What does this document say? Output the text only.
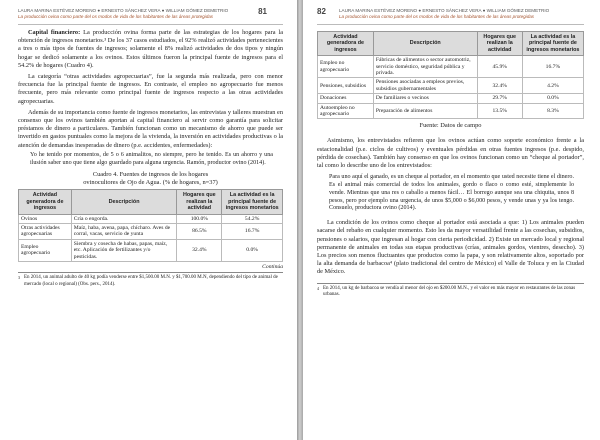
LAURA MARINA ESTÉVEZ MORENO ● ERNESTO SÁNCHEZ VERA ● WILLIAM GÓMEZ DEMETRIO
La producción ovina como parte del os modos de vida de los habitantes de las áreas protegidas
81

Capital financiero: La producción ovina forma parte de las estrategias de los hogares para la obtención de ingresos monetarios.³ De los 37 casos estudiados, el 92% realizó actividades pertenecientes a tres o más tipos de fuentes de ingresos; solamente el 8% realizó actividades de dos tipos y ningún hogar se dedicó solamente a los ovinos. Estos últimos fueron la principal fuente de ingresos para el 54.2% de hogares (Cuadro 4).

La categoría “otras actividades agropecuarias”, fue la segunda más realizada, pero con menor frecuencia fue la principal fuente de ingresos. En contraste, el empleo no agropecuario fue menos frecuente, pero más relevante como principal fuente de ingresos respecto a las otras actividades agropecuarias.

Además de su importancia como fuente de ingresos monetarios, las entrevistas y talleres muestran en consenso que los ovinos también aportan al capital financiero al servir como garantía para solicitar préstamos de dinero a particulares. También funcionan como un mecanismo de ahorro que puede ser invertido en gastos puntuales como la mejora de la vivienda, la inversión en actividades productivas o la atención de demandas inesperadas de dinero (p.e. accidentes, enfermedades):

Yo he tenido por momentos, de 5 o 6 animalitos, no siempre, pero he tenido. Es un ahorro y una ilusión saber uno que tiene algo guardado para alguna urgencia. Ramón, productor ovino (2014).

Cuadro 4. Fuentes de ingresos de los hogares
ovinocultores de Ojo de Agua. (% de hogares, n=37)

Actividad generadora de ingresos	Descripción	Hogares que realizan la actividad	La actividad es la principal fuente de ingresos monetarios
Ovinos	Cría o engorda.	100.0%	54.2%
Otras actividades agropecuarias	Maíz, haba, avena, papa, chícharo. Aves de corral, vacas, servicio de yunta	86.5%	16.7%
Empleo agropecuario	Siembra y cosecha de habas, papas, maíz, etc. Aplicación de fertilizantes y/o pesticidas.	32.4%	0.0%
Continúa
3 En 2014, un animal adulto de 40 kg podía venderse entre $1,500.00 M.N. y $1,700.00 M.N, dependiendo del tipo de animal de mercado (local o regional) (Obs. pers., 2014).
82	LAURA MARINA ESTÉVEZ MORENO ● ERNESTO SÁNCHEZ VERA ● WILLIAM GÓMEZ DEMETRIO
La producción ovina como parte del os modos de vida de los habitantes de las áreas protegidas
Actividad generadora de ingresos	Descripción	Hogares que realizan la actividad	La actividad es la principal fuente de ingresos monetarios
Empleo no agropecuario	Fábricas de alimentos o sector automotriz, servicio doméstico, seguridad pública y privada.	45.9%	16.7%
Pensiones, subsidios	Pensiones asociadas a empleos previos, subsidios gubernamentales	32.4%	4.2%
Donaciones	De familiares o vecinos	29.7%	0.0%
Autoempleo no agropecuario	Preparación de alimentos	13.5%	8.3%
Fuente: Datos de campo

Asimismo, los entrevistados refieren que los ovinos actúan como soporte económico frente a la estacionalidad (p.e. ciclos de cultivos) y eventuales pérdidas en otras fuentes ingresos (p.e. despido, pérdida de cosechas). También hay consenso en que los ovinos funcionan como un “cheque al portador”, tal como lo describe uno de los entrevistados:

Para uno aquí el ganado, es un cheque al portador, en el momento que usted necesite tiene el dinero. Es el animal más comercial de todos los animales, gordo o flaco o como esté, simplemente lo vende. Mientras que una res o caballo a menos fácil… El borrego aunque sea una chiquita, unos 8 pesos, pero por ejemplo una urgencia, de unos $5,000 o $6,000 pesos, y vende unas y ya los tengo. Consuelo, productora ovino (2014).

La condición de los ovinos como cheque al portador está asociada a que: 1) Los animales pueden sacarse del rebaño en cualquier momento. Esto les da mayor versatilidad frente a las cosechas, subsidios, pensiones o salarios, que ingresan al hogar con cierta periodicidad. 2) Existe un mercado local y regional permanente de animales en todas sus etapas productivas (crías, animales gordos, vientres, desecho). 3) Los precios son menos fluctuantes que productos como la papa, y son relativamente altos, soportado por la alta demanda de barbacoa⁴ (plato tradicional del centro de México) el Valle de Toluca y en la Ciudad de México.

4 En 2014, un kg de barbacoa se vendía al menor del ojo en $200.00 M.N., y el valor en más mayor en restaurantes de las zonas urbanas.
